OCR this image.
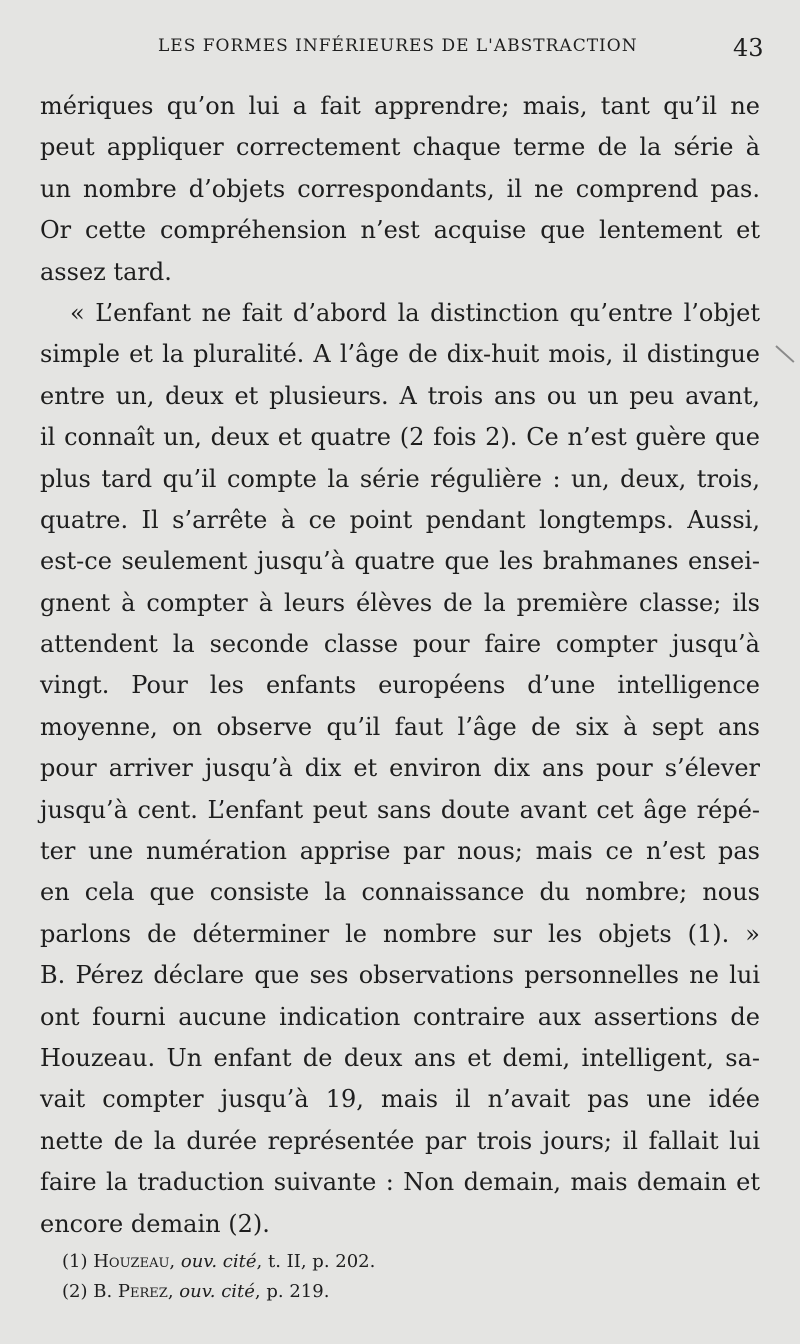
LES FORMES INFÉRIEURES DE L'ABSTRACTION	43
mériques qu’on lui a fait apprendre; mais, tant qu’il ne
peut appliquer correctement chaque terme de la série à
un nombre d’objets correspondants, il ne comprend pas.
Or cette compréhension n’est acquise que lentement et
assez tard.
« L’enfant ne fait d’abord la distinction qu’entre l’objet
simple et la pluralité. A l’âge de dix-huit mois, il distingue
entre un, deux et plusieurs. A trois ans ou un peu avant,
il connaît un, deux et quatre (2 fois 2). Ce n’est guère que
plus tard qu’il compte la série régulière : un, deux, trois,
quatre. Il s’arrête à ce point pendant longtemps. Aussi,
est-ce seulement jusqu’à quatre que les brahmanes ensei-
gnent à compter à leurs élèves de la première classe; ils
attendent la seconde classe pour faire compter jusqu’à
vingt. Pour les enfants européens d’une intelligence
moyenne, on observe qu’il faut l’âge de six à sept ans
pour arriver jusqu’à dix et environ dix ans pour s’élever
jusqu’à cent. L’enfant peut sans doute avant cet âge répé-
ter une numération apprise par nous; mais ce n’est pas
en cela que consiste la connaissance du nombre; nous
parlons de déterminer le nombre sur les objets (1). »
B. Pérez déclare que ses observations personnelles ne lui
ont fourni aucune indication contraire aux assertions de
Houzeau. Un enfant de deux ans et demi, intelligent, sa-
vait compter jusqu’à 19, mais il n’avait pas une idée
nette de la durée représentée par trois jours; il fallait lui
faire la traduction suivante : Non demain, mais demain et
encore demain (2).
(1) Houzeau, ouv. cité, t. II, p. 202.
(2) B. Perez, ouv. cité, p. 219.
